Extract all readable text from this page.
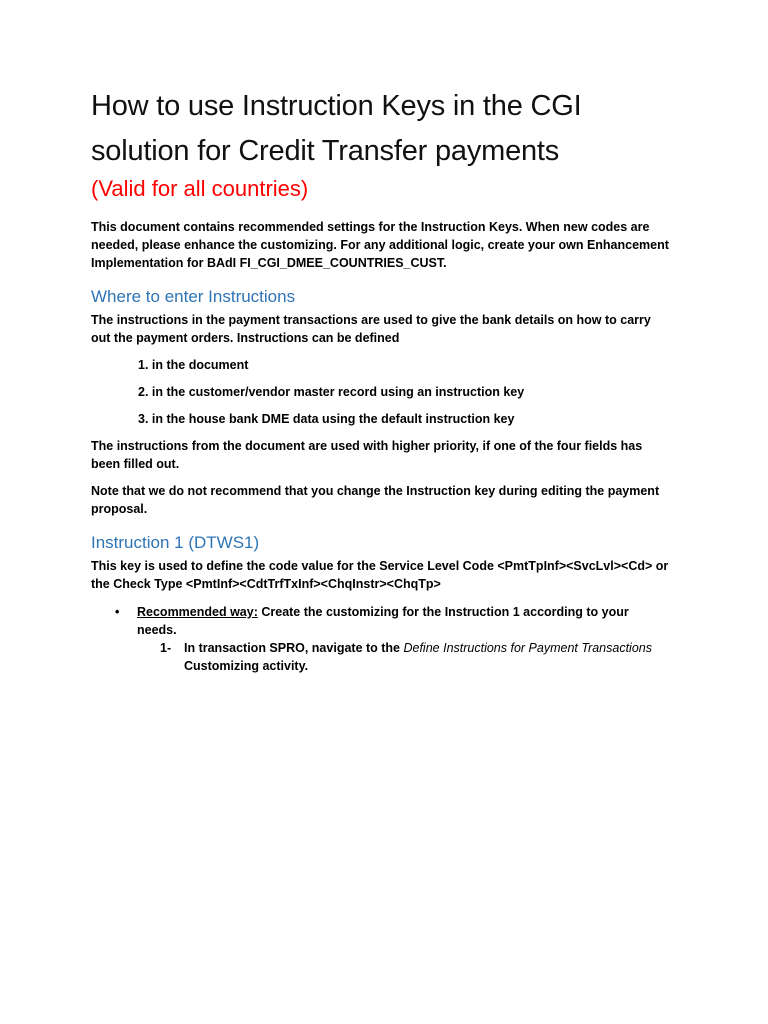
How to use Instruction Keys in the CGI solution for Credit Transfer payments
(Valid for all countries)

This document contains recommended settings for the Instruction Keys. When new codes are needed, please enhance the customizing. For any additional logic, create your own Enhancement Implementation for BAdI FI_CGI_DMEE_COUNTRIES_CUST.

Where to enter Instructions

The instructions in the payment transactions are used to give the bank details on how to carry out the payment orders. Instructions can be defined

1. in the document
2. in the customer/vendor master record using an instruction key
3. in the house bank DME data using the default instruction key

The instructions from the document are used with higher priority, if one of the four fields has been filled out.

Note that we do not recommend that you change the Instruction key during editing the payment proposal.

Instruction 1 (DTWS1)

This key is used to define the code value for the Service Level Code <PmtTpInf><SvcLvl><Cd> or the Check Type <PmtInf><CdtTrfTxInf><ChqInstr><ChqTp>

• Recommended way: Create the customizing for the Instruction 1 according to your needs.
1- In transaction SPRO, navigate to the Define Instructions for Payment Transactions Customizing activity.
